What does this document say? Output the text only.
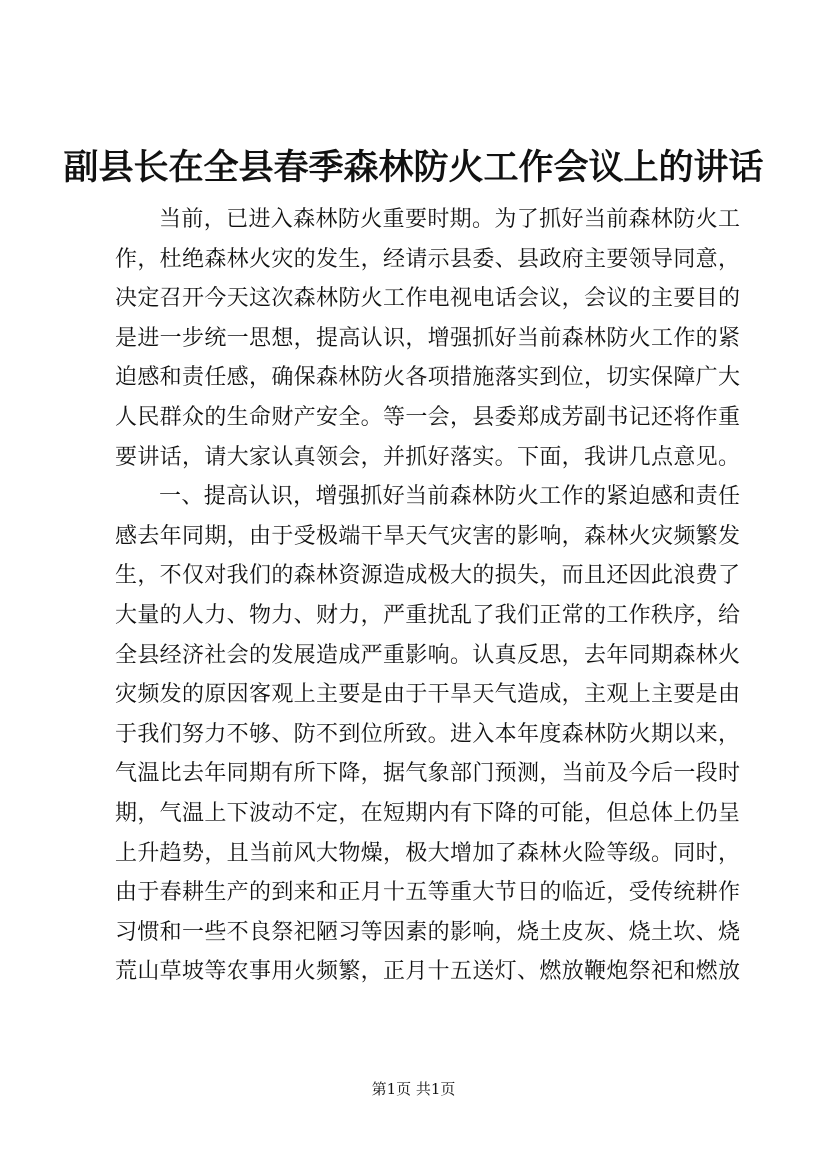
副县长在全县春季森林防火工作会议上的讲话
当前，已进入森林防火重要时期。为了抓好当前森林防火工
作，杜绝森林火灾的发生，经请示县委、县政府主要领导同意，
决定召开今天这次森林防火工作电视电话会议，会议的主要目的
是进一步统一思想，提高认识，增强抓好当前森林防火工作的紧
迫感和责任感，确保森林防火各项措施落实到位，切实保障广大
人民群众的生命财产安全。等一会，县委郑成芳副书记还将作重
要讲话，请大家认真领会，并抓好落实。下面，我讲几点意见。
一、提高认识，增强抓好当前森林防火工作的紧迫感和责任
感去年同期，由于受极端干旱天气灾害的影响，森林火灾频繁发
生，不仅对我们的森林资源造成极大的损失，而且还因此浪费了
大量的人力、物力、财力，严重扰乱了我们正常的工作秩序，给
全县经济社会的发展造成严重影响。认真反思，去年同期森林火
灾频发的原因客观上主要是由于干旱天气造成，主观上主要是由
于我们努力不够、防不到位所致。进入本年度森林防火期以来，
气温比去年同期有所下降，据气象部门预测，当前及今后一段时
期，气温上下波动不定，在短期内有下降的可能，但总体上仍呈
上升趋势，且当前风大物燥，极大增加了森林火险等级。同时，
由于春耕生产的到来和正月十五等重大节日的临近，受传统耕作
习惯和一些不良祭祀陋习等因素的影响，烧土皮灰、烧土坎、烧
荒山草坡等农事用火频繁，正月十五送灯、燃放鞭炮祭祀和燃放
第1页 共1页
